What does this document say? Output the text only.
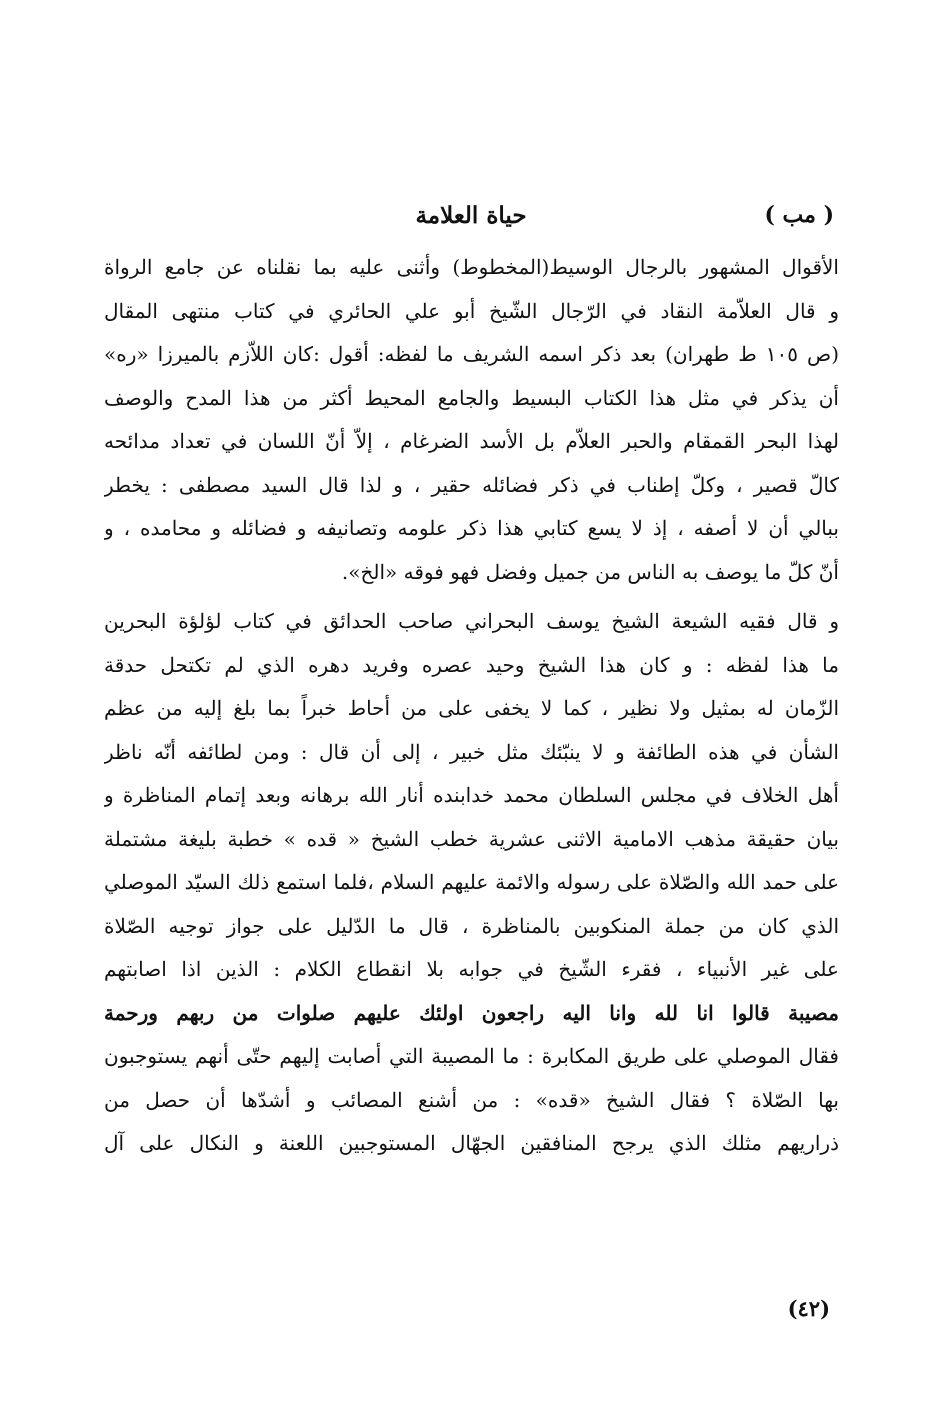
( مب )
حياة العلامة
الأقوال المشهور بالرجال الوسيط(المخطوط) وأثنى عليه بما نقلناه عن جامع الرواة
و قال العلاّمة النقاد في الرّجال الشّيخ أبو علي الحائري في كتاب منتهى المقال
(ص ١٠٥ ط طهران) بعد ذكر اسمه الشريف ما لفظه: أقول :كان اللاّزم بالميرزا «ره»
أن يذكر في مثل هذا الكتاب البسيط والجامع المحيط أكثر من هذا المدح والوصف
لهذا البحر القمقام والحبر العلاّم بل الأسد الضرغام ، إلاّ أنّ اللسان في تعداد مدائحه
كالّ قصير ، وكلّ إطناب في ذكر فضائله حقير ، و لذا قال السيد مصطفى : يخطر
ببالي أن لا أصفه ، إذ لا يسع كتابي هذا ذكر علومه وتصانيفه و فضائله و محامده ، و
أنّ كلّ ما يوصف به الناس من جميل وفضل فهو فوقه «الخ».
و قال فقيه الشيعة الشيخ يوسف البحراني صاحب الحدائق في كتاب لؤلؤة البحرين
ما هذا لفظه : و كان هذا الشيخ وحيد عصره وفريد دهره الذي لم تكتحل حدقة
الزّمان له بمثيل ولا نظير ، كما لا يخفى على من أحاط خبراً بما بلغ إليه من عظم
الشأن في هذه الطائفة و لا ينبّئك مثل خبير ، إلى أن قال : ومن لطائفه أنّه ناظر
أهل الخلاف في مجلس السلطان محمد خدابنده أنار الله برهانه وبعد إتمام المناظرة و
بيان حقيقة مذهب الامامية الاثنى عشرية خطب الشيخ « قده » خطبة بليغة مشتملة
على حمد الله والصّلاة على رسوله والائمة عليهم السلام ،فلما استمع ذلك السيّد الموصلي
الذي كان من جملة المنكوبين بالمناظرة ، قال ما الدّليل على جواز توجيه الصّلاة
على غير الأنبياء ، فقرء الشّيخ في جوابه بلا انقطاع الكلام : الذين اذا اصابتهم
مصيبة قالوا انا لله وانا اليه راجعون اولئك عليهم صلوات من ربهم ورحمة
فقال الموصلي على طريق المكابرة : ما المصيبة التي أصابت إليهم حتّى أنهم يستوجبون
بها الصّلاة ؟ فقال الشيخ «قده» : من أشنع المصائب و أشدّها أن حصل من
ذراريهم مثلك الذي يرجح المنافقين الجهّال المستوجبين اللعنة و النكال على آل
(٤٢)
